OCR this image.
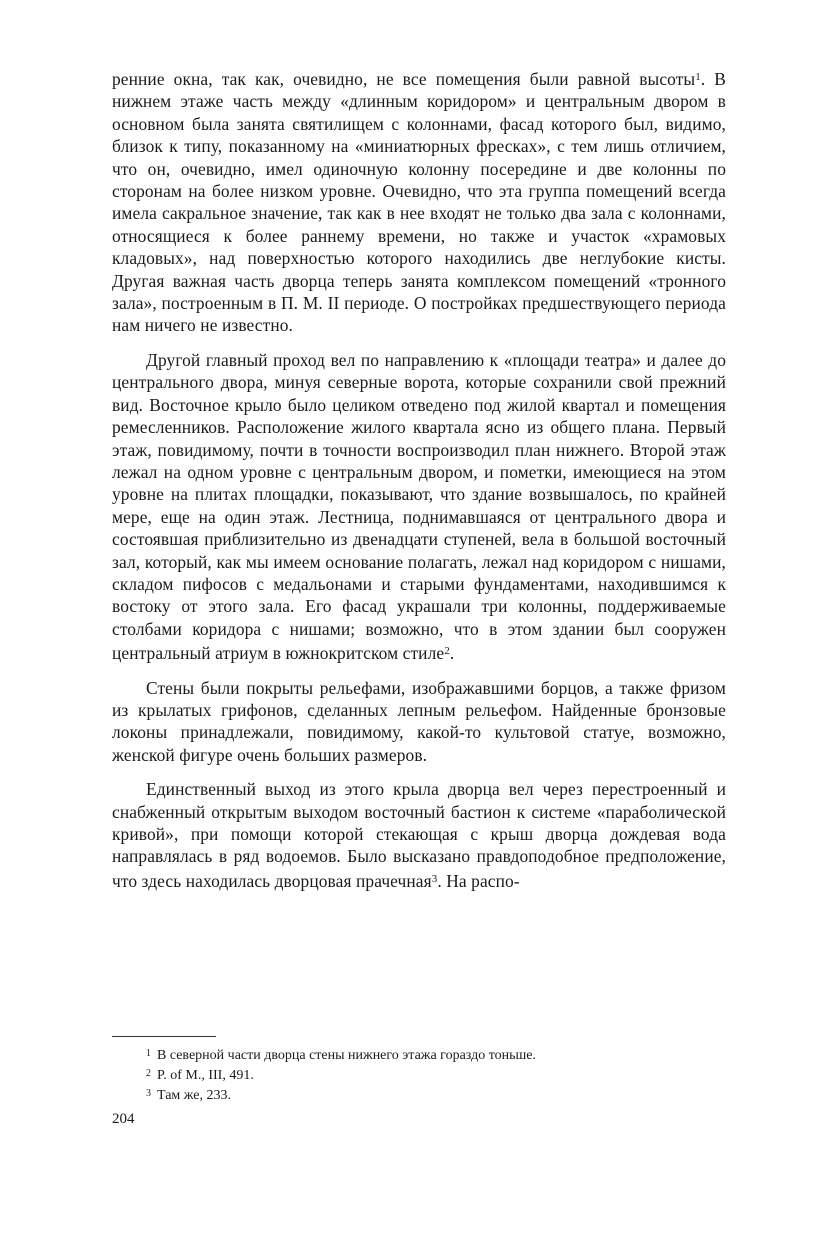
ренние окна, так как, очевидно, не все помещения были равной высоты$^1$. В нижнем этаже часть между «длинным коридором» и центральным двором в основном была занята святилищем с колоннами, фасад которого был, видимо, близок к типу, показанному на «миниатюрных фресках», с тем лишь отличием, что он, очевидно, имел одиночную колонну посередине и две колонны по сторонам на более низком уровне. Очевидно, что эта группа помещений всегда имела сакральное значение, так как в нее входят не только два зала с колоннами, относящиеся к более раннему времени, но также и участок «храмовых кладовых», над поверхностью которого находились две неглубокие кисты. Другая важная часть дворца теперь занята комплексом помещений «тронного зала», построенным в П. М. II периоде. О постройках предшествующего периода нам ничего не известно.

Другой главный проход вел по направлению к «площади театра» и далее до центрального двора, минуя северные ворота, которые сохранили свой прежний вид. Восточное крыло было целиком отведено под жилой квартал и помещения ремесленников. Расположение жилого квартала ясно из общего плана. Первый этаж, повидимому, почти в точности воспроизводил план нижнего. Второй этаж лежал на одном уровне с центральным двором, и пометки, имеющиеся на этом уровне на плитах площадки, показывают, что здание возвышалось, по крайней мере, еще на один этаж. Лестница, поднимавшаяся от центрального двора и состоявшая приблизительно из двенадцати ступеней, вела в большой восточный зал, который, как мы имеем основание полагать, лежал над коридором с нишами, складом пифосов с медальонами и старыми фундаментами, находившимся к востоку от этого зала. Его фасад украшали три колонны, поддерживаемые столбами коридора с нишами; возможно, что в этом здании был сооружен центральный атриум в южнокритском стиле$^2$.

Стены были покрыты рельефами, изображавшими борцов, а также фризом из крылатых грифонов, сделанных лепным рельефом. Найденные бронзовые локоны принадлежали, повидимому, какой-то культовой статуе, возможно, женской фигуре очень больших размеров.

Единственный выход из этого крыла дворца вел через перестроенный и снабженный открытым выходом восточный бастион к системе «параболической кривой», при помощи которой стекающая с крыш дворца дождевая вода направлялась в ряд водоемов. Было высказано правдоподобное предположение, что здесь находилась дворцовая прачечная$^3$. На распо-

$^1$ В северной части дворца стены нижнего этажа гораздо тоньше.

$^2$ P. of M., III, 491.

$^3$ Там же, 233.

204
